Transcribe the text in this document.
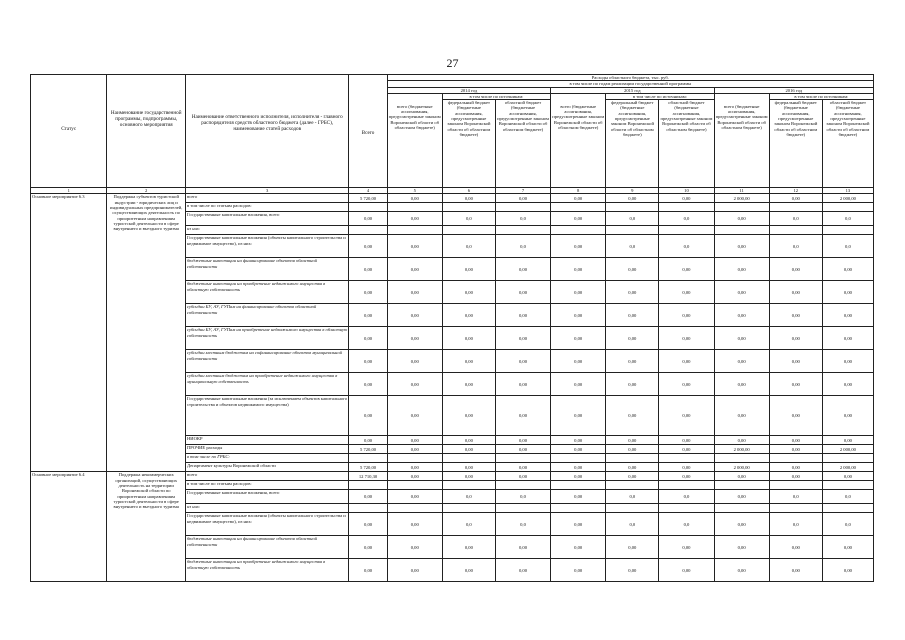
27
Статус	Наименование государственной программы, подпрограммы, основного мероприятия	Наименование ответственного исполнителя, исполнителя - главного распорядителя средств областного бюджета (далее - ГРБС), наименование статей расходов	Всего	Расходы областного бюджета, тыс. руб.								
				в том числе по годам реализации государственной программы								
				2014 год			2015 год			2016 год		

				всего (бюджетные ассигнования, предусмотренные законом Воронежской области об областном бюджете)	в том числе по источникам:		всего (бюджетные ассигнования, предусмотренные законом Воронежской области об областном бюджете)	в том числе по источникам:		всего (бюджетные ассигнования, предусмотренные законом Воронежской области об областном бюджете)	в том числе по источникам:	
					федеральный бюджет (бюджетные ассигнования, предусмотренные законом Воронежской области об областном бюджете)	областной бюджет (бюджетные ассигнования, предусмотренные законом Воронежской области об областном бюджете)		федеральный бюджет (бюджетные ассигнования, предусмотренные законом Воронежской области об областном бюджете)	областной бюджет (бюджетные ассигнования, предусмотренные законом Воронежской области об областном бюджете)		федеральный бюджет (бюджетные ассигнования, предусмотренные законом Воронежской области об областном бюджете)	областной бюджет (бюджетные ассигнования, предусмотренные законом Воронежской области об областном бюджете)
1	2	3	4	5	6	7	8	9	10	11	12	13
Основное мероприятие 6.3	Поддержка субъектов туристской индустрии - юридических лиц и индивидуальных предпринимателей, осуществляющих деятельность по приоритетным направлениям туристской деятельности в сфере внутреннего и въездного туризма	всего	5 720,00	0,00	0,00	0,00	0,00	0,00	0,00	2 000,00	0,00	2 000,00
		в том числе по статьям расходов:										
		Государственные капитальные вложения, всего	0,00	0,00	0,0	0,0	0,00	0,0	0,0	0,00	0,0	0,0
		из них:										
		Государственные капитальные вложения (объекты капитального строительства и недвижимое имущество), из них:	0,00	0,00	0,0	0,0	0,00	0,0	0,0	0,00	0,0	0,0
		бюджетные инвестиции на финансирование объектов областной собственности	0,00	0,00	0,00	0,00	0,00	0,00	0,00	0,00	0,00	0,00
		бюджетные инвестиции на приобретение недвижимого имущества в областную собственность	0,00	0,00	0,00	0,00	0,00	0,00	0,00	0,00	0,00	0,00
		субсидии БУ, АУ, ГУПам на финансирование объектов областной собственности	0,00	0,00	0,00	0,00	0,00	0,00	0,00	0,00	0,00	0,00
		субсидии БУ, АУ, ГУПам на приобретение недвижимого имущества в областную собственность	0,00	0,00	0,00	0,00	0,00	0,00	0,00	0,00	0,00	0,00
		субсидии местным бюджетам на софинансирование объектов муниципальной собственности	0,00	0,00	0,00	0,00	0,00	0,00	0,00	0,00	0,00	0,00
		субсидии местным бюджетам на приобретение недвижимого имущества в муниципальную собственность	0,00	0,00	0,00	0,00	0,00	0,00	0,00	0,00	0,00	0,00
		Государственные капитальные вложения (за исключением объектов капитального строительства и объектов недвижимого имущества)	0,00	0,00	0,00	0,00	0,00	0,00	0,00	0,00	0,00	0,00
		НИОКР	0,00	0,00	0,00	0,00	0,00	0,00	0,00	0,00	0,00	0,00
		ПРОЧИЕ расходы	5 720,00	0,00	0,00	0,00	0,00	0,00	0,00	2 000,00	0,00	2 000,00
		в том числе по ГРБС:										
		Департамент культуры Воронежской области	5 720,00	0,00	0,00	0,00	0,00	0,00	0,00	2 000,00	0,00	2 000,00
Основное мероприятие 6.4	Поддержка некоммерческих организаций, осуществляющих деятельность на территории Воронежской области по приоритетным направлениям туристской деятельности в сфере внутреннего и въездного туризма	всего	12 710,30	0,00	0,00	0,00	0,00	0,00	0,00	0,00	0,00	0,00
		в том числе по статьям расходов:										
		Государственные капитальные вложения, всего	0,00	0,00	0,0	0,0	0,00	0,0	0,0	0,00	0,0	0,0
		из них:										
		Государственные капитальные вложения (объекты капитального строительства и недвижимое имущество), из них:	0,00	0,00	0,0	0,0	0,00	0,0	0,0	0,00	0,0	0,0
		бюджетные инвестиции на финансирование объектов областной собственности	0,00	0,00	0,00	0,00	0,00	0,00	0,00	0,00	0,00	0,00
		бюджетные инвестиции на приобретение недвижимого имущества в областную собственность	0,00	0,00	0,00	0,00	0,00	0,00	0,00	0,00	0,00	0,00
